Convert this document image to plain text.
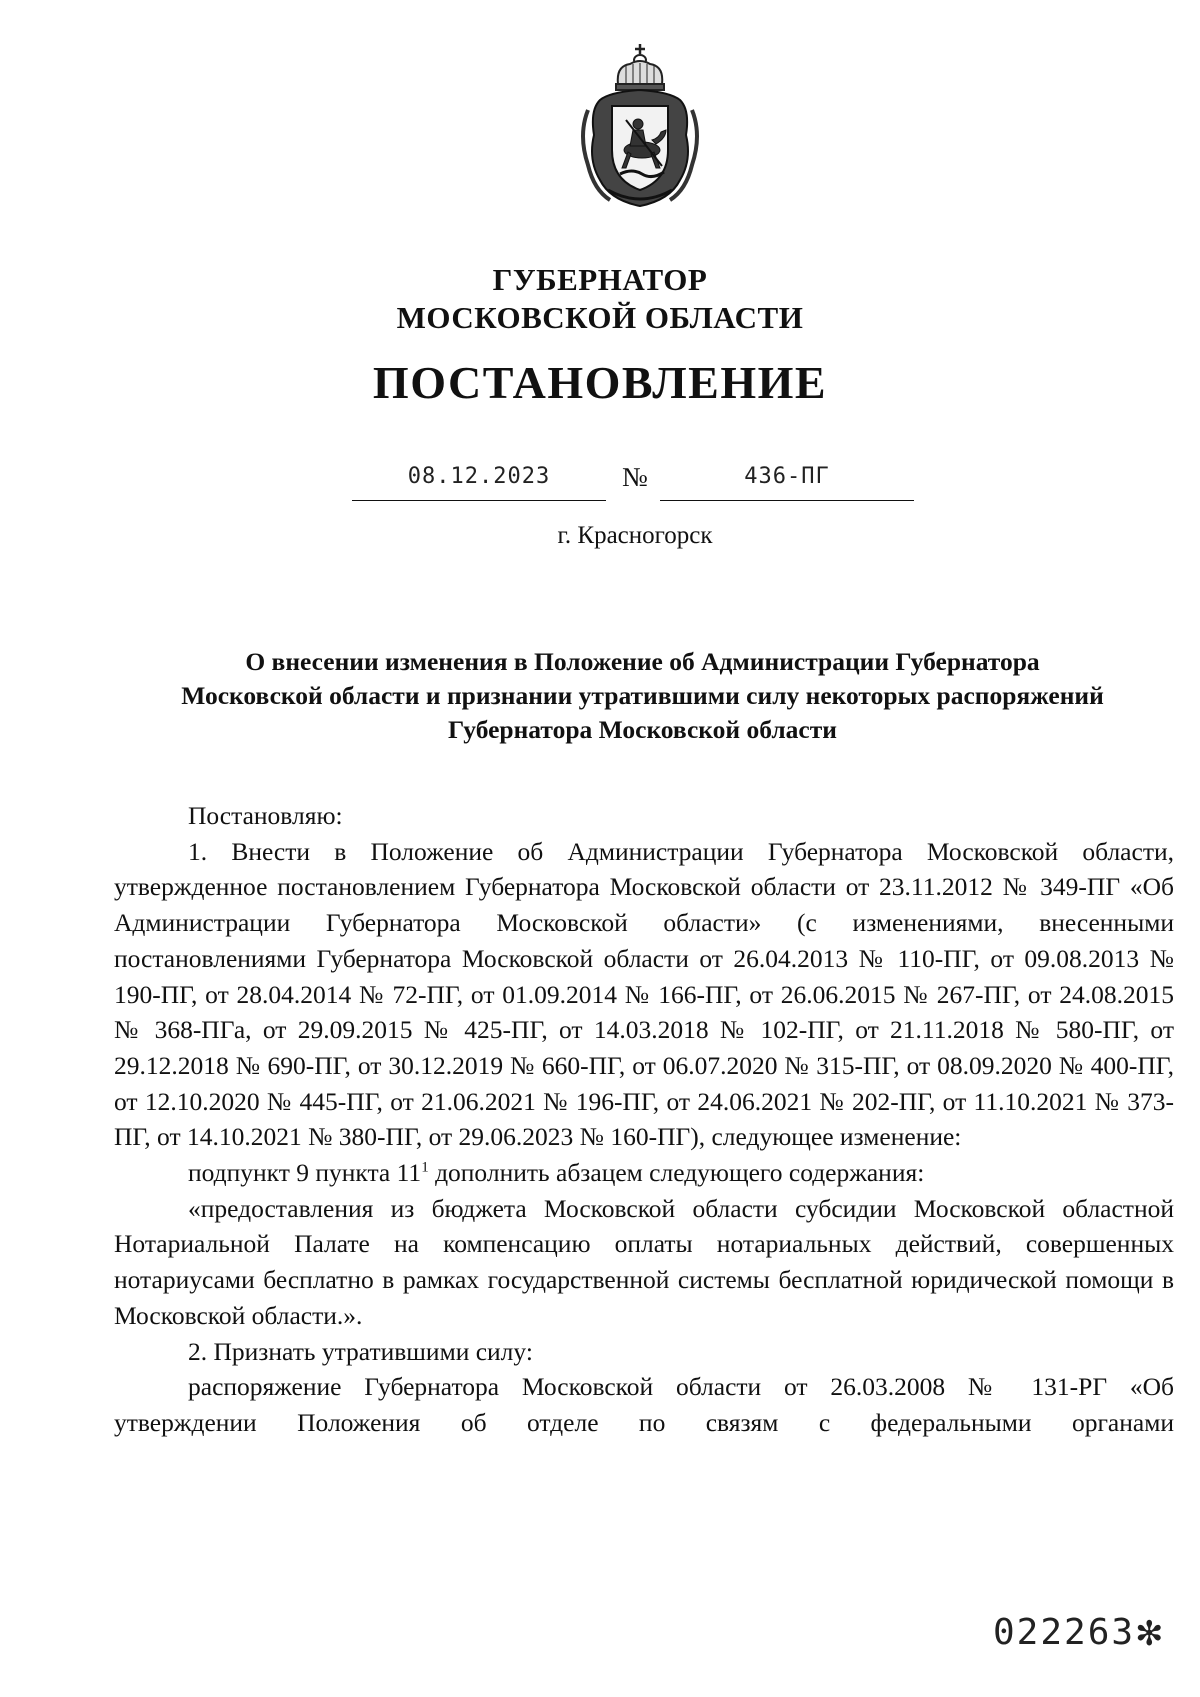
ГУБЕРНАТОР
МОСКОВСКОЙ ОБЛАСТИ
ПОСТАНОВЛЕНИЕ
08.12.2023	№	436-ПГ
г. Красногорск
О внесении изменения в Положение об Администрации Губернатора
Московской области и признании утратившими силу некоторых распоряжений
Губернатора Московской области

Постановляю:

1. Внести в Положение об Администрации Губернатора Московской области, утвержденное постановлением Губернатора Московской области от 23.11.2012 № 349-ПГ «Об Администрации Губернатора Московской области» (с изменениями, внесенными постановлениями Губернатора Московской области от 26.04.2013 № 110-ПГ, от 09.08.2013 № 190-ПГ, от 28.04.2014 № 72-ПГ, от 01.09.2014 № 166-ПГ, от 26.06.2015 № 267-ПГ, от 24.08.2015 № 368-ПГа, от 29.09.2015 № 425-ПГ, от 14.03.2018 № 102-ПГ, от 21.11.2018 № 580-ПГ, от 29.12.2018 № 690-ПГ, от 30.12.2019 № 660-ПГ, от 06.07.2020 № 315-ПГ, от 08.09.2020 № 400-ПГ, от 12.10.2020 № 445-ПГ, от 21.06.2021 № 196-ПГ, от 24.06.2021 № 202-ПГ, от 11.10.2021 № 373-ПГ, от 14.10.2021 № 380-ПГ, от 29.06.2023 № 160-ПГ), следующее изменение:

подпункт 9 пункта $11^1$ дополнить абзацем следующего содержания:

«предоставления из бюджета Московской области субсидии Московской областной Нотариальной Палате на компенсацию оплаты нотариальных действий, совершенных нотариусами бесплатно в рамках государственной системы бесплатной юридической помощи в Московской области.».

2. Признать утратившими силу:

распоряжение Губернатора Московской области от 26.03.2008 № 131-РГ «Об утверждении Положения об отделе по связям с федеральными органами

022263 ✻
